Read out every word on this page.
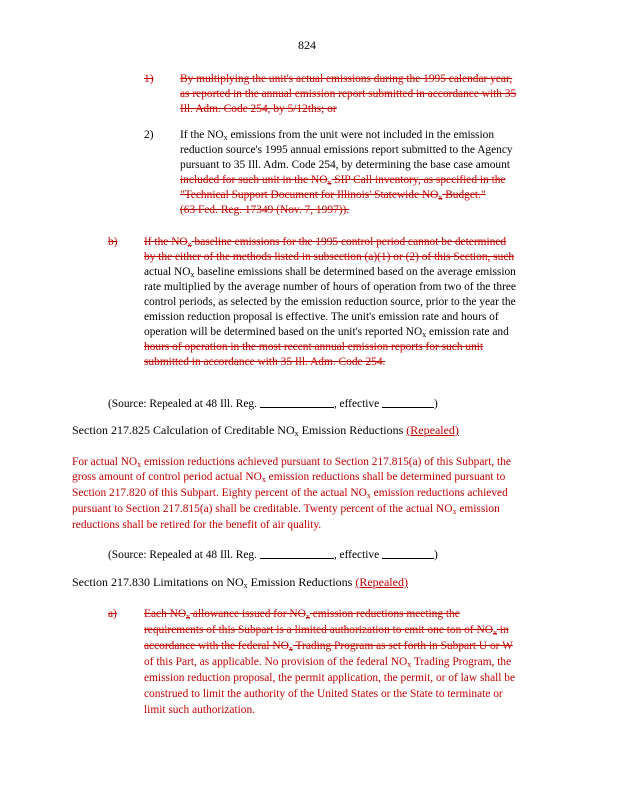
824
1) By multiplying the unit's actual emissions during the 1995 calendar year,
as reported in the annual emission report submitted in accordance with 35
Ill. Adm. Code 254, by 5/12ths; or
2) If the $NO_x$ emissions from the unit were not included in the emission
reduction source's 1995 annual emissions report submitted to the Agency
pursuant to 35 Ill. Adm. Code 254, by determining the base case amount
included for such unit in the $NO_x$ SIP Call inventory, as specified in the
"Technical Support Document for Illinois' Statewide $NO_x$ Budget."
(63 Fed. Reg. 17349 (Nov. 7, 1997)).
b) If the $NO_x$ baseline emissions for the 1995 control period cannot be determined
by the either of the methods listed in subsection (a)(1) or (2) of this Section, such
actual $NO_x$ baseline emissions shall be determined based on the average emission
rate multiplied by the average number of hours of operation from two of the three
control periods, as selected by the emission reduction source, prior to the year the
emission reduction proposal is effective. The unit's emission rate and hours of
operation will be determined based on the unit's reported $NO_x$ emission rate and
hours of operation in the most recent annual emission reports for such unit
submitted in accordance with 35 Ill. Adm. Code 254.
(Source: Repealed at 48 Ill. Reg.	, effective	)
Section 217.825 Calculation of Creditable $NO_x$ Emission Reductions (Repealed)
For actual $NO_x$ emission reductions achieved pursuant to Section 217.815(a) of this Subpart, the
gross amount of control period actual $NO_x$ emission reductions shall be determined pursuant to
Section 217.820 of this Subpart. Eighty percent of the actual $NO_x$ emission reductions achieved
pursuant to Section 217.815(a) shall be creditable. Twenty percent of the actual $NO_x$ emission
reductions shall be retired for the benefit of air quality.
(Source: Repealed at 48 Ill. Reg.	, effective	)
Section 217.830 Limitations on $NO_x$ Emission Reductions (Repealed)
a) Each $NO_x$ allowance issued for $NO_x$ emission reductions meeting the
requirements of this Subpart is a limited authorization to emit one ton of $NO_x$ in
accordance with the federal $NO_x$ Trading Program as set forth in Subpart U or W
of this Part, as applicable. No provision of the federal $NO_x$ Trading Program, the
emission reduction proposal, the permit application, the permit, or of law shall be
construed to limit the authority of the United States or the State to terminate or
limit such authorization.
